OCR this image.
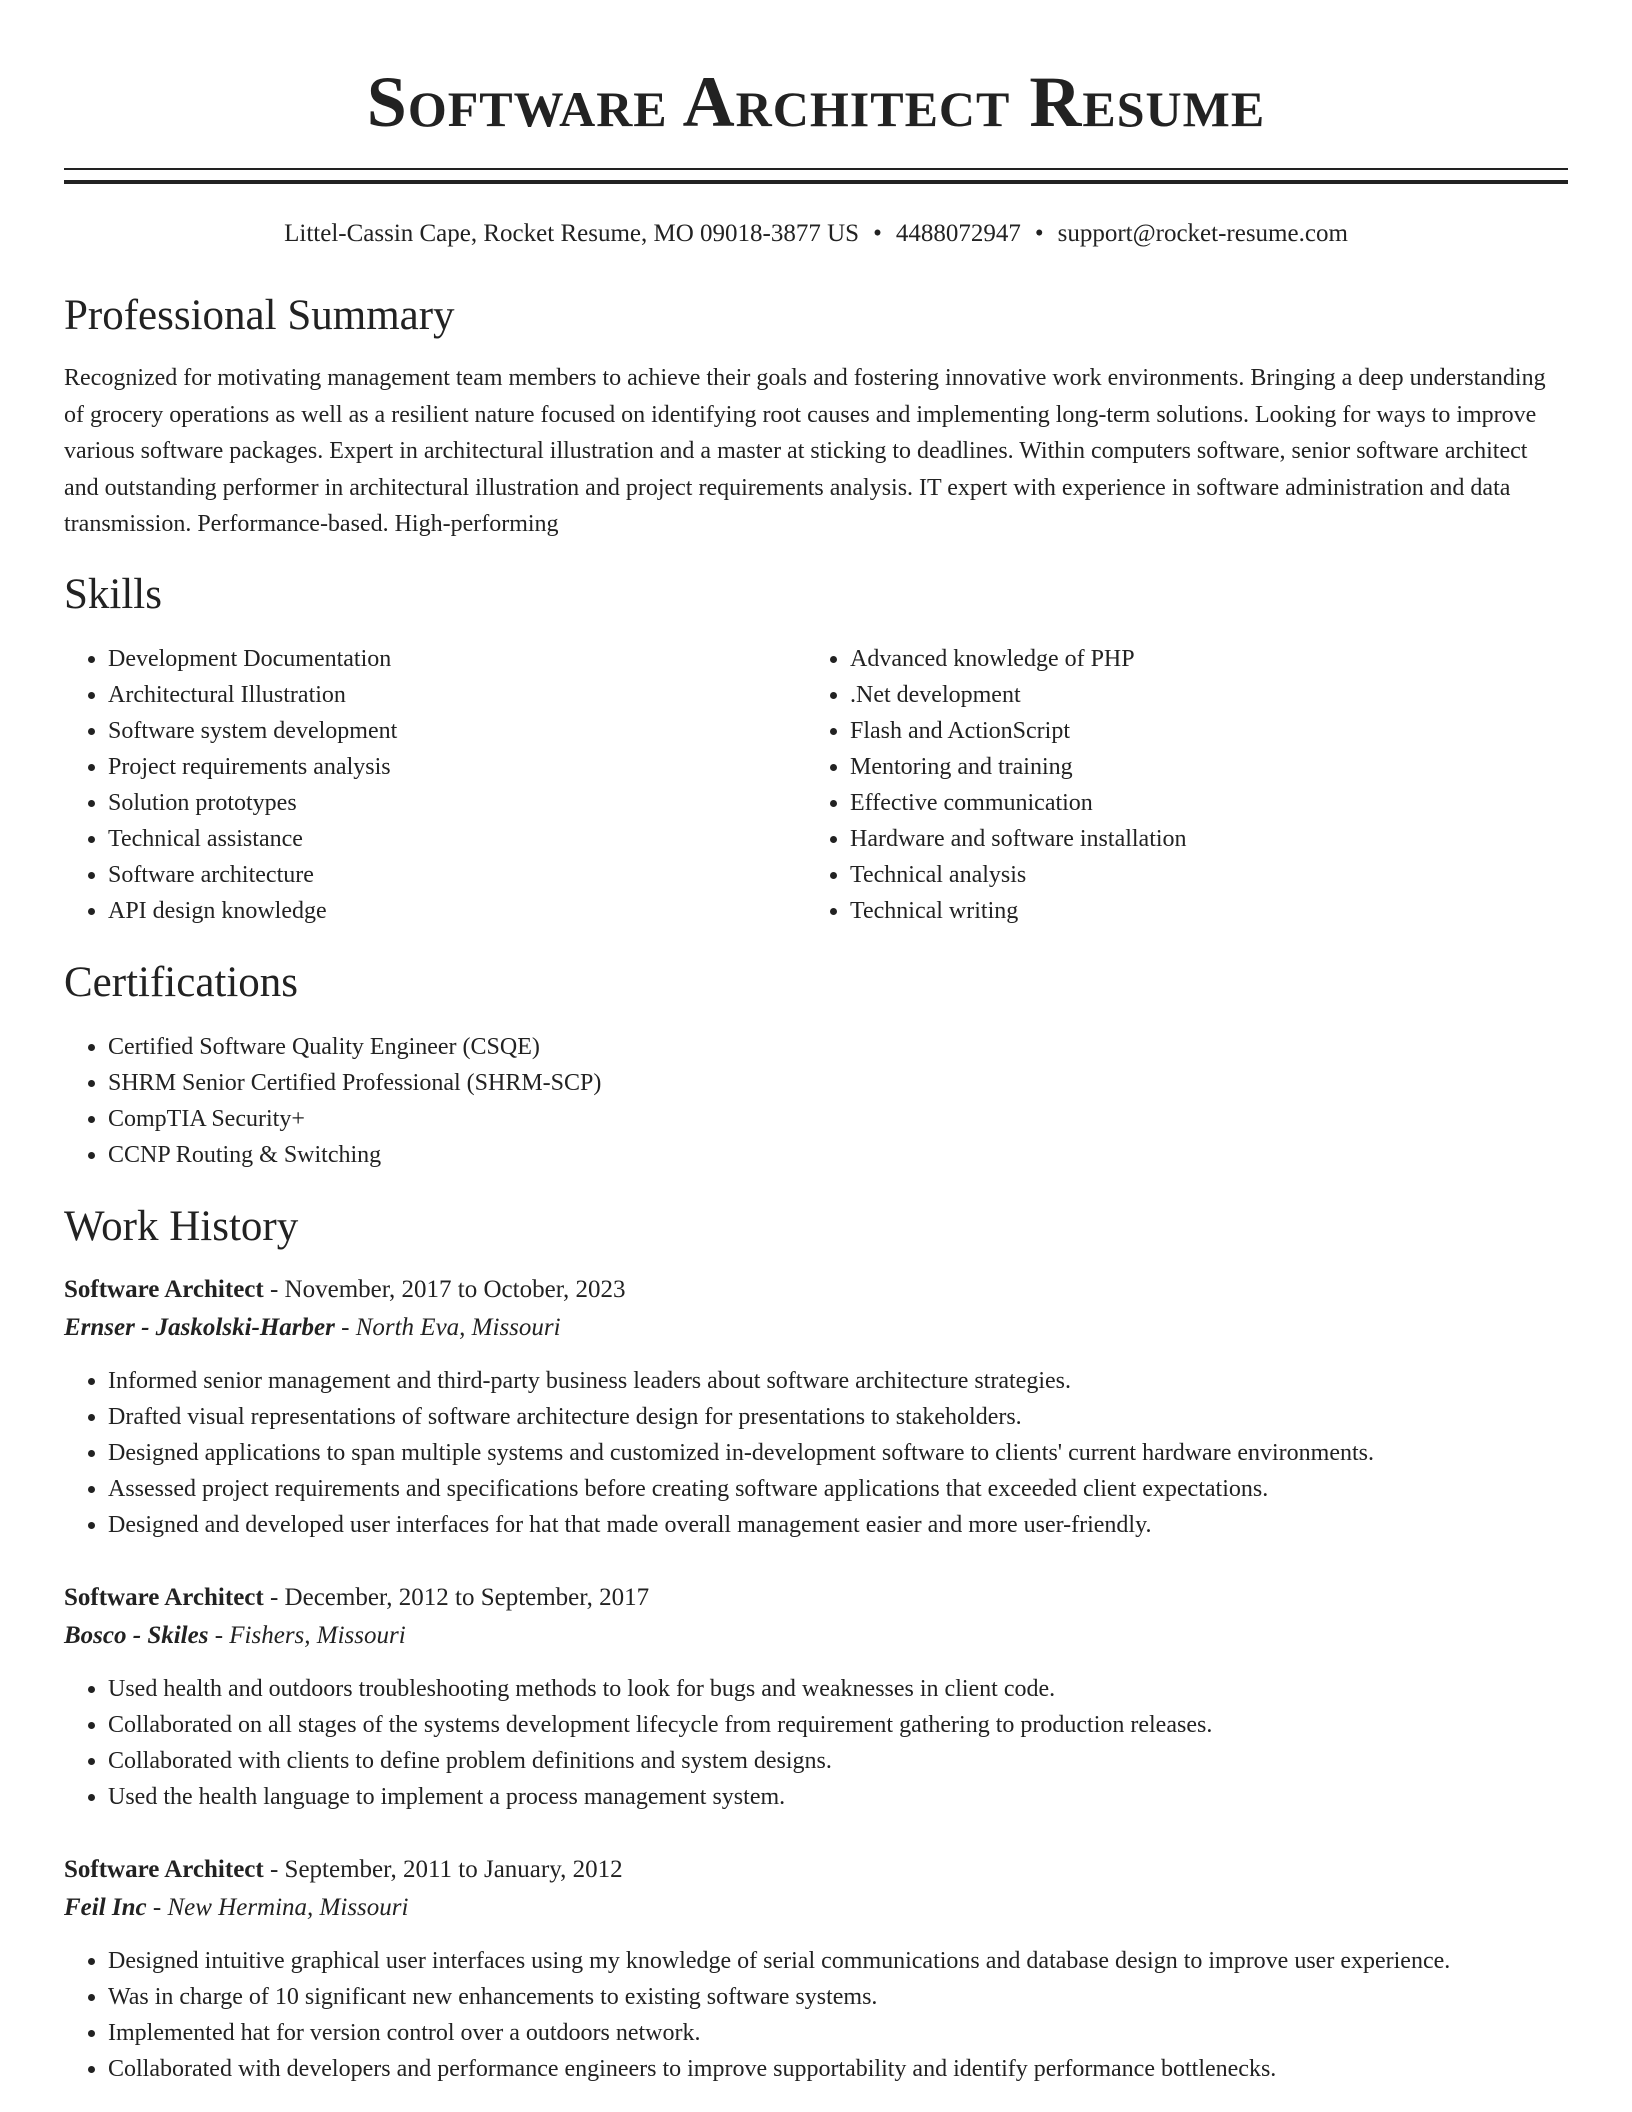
Software Architect Resume
Littel-Cassin Cape, Rocket Resume, MO 09018-3877 US • 4488072947 • support@rocket-resume.com
Professional Summary

Recognized for motivating management team members to achieve their goals and fostering innovative work environments. Bringing a deep understanding of grocery operations as well as a resilient nature focused on identifying root causes and implementing long-term solutions. Looking for ways to improve various software packages. Expert in architectural illustration and a master at sticking to deadlines. Within computers software, senior software architect and outstanding performer in architectural illustration and project requirements analysis. IT expert with experience in software administration and data transmission. Performance-based. High-performing

Skills
• Development Documentation
• Architectural Illustration
• Software system development
• Project requirements analysis
• Solution prototypes
• Technical assistance
• Software architecture
• API design knowledge
• Advanced knowledge of PHP
• .Net development
• Flash and ActionScript
• Mentoring and training
• Effective communication
• Hardware and software installation
• Technical analysis
• Technical writing
Certifications
• Certified Software Quality Engineer (CSQE)
• SHRM Senior Certified Professional (SHRM-SCP)
• CompTIA Security+
• CCNP Routing & Switching
Work History
Software Architect - November, 2017 to October, 2023
Ernser - Jaskolski-Harber - North Eva, Missouri
• Informed senior management and third-party business leaders about software architecture strategies.
• Drafted visual representations of software architecture design for presentations to stakeholders.
• Designed applications to span multiple systems and customized in-development software to clients' current hardware environments.
• Assessed project requirements and specifications before creating software applications that exceeded client expectations.
• Designed and developed user interfaces for hat that made overall management easier and more user-friendly.
Software Architect - December, 2012 to September, 2017
Bosco - Skiles - Fishers, Missouri
• Used health and outdoors troubleshooting methods to look for bugs and weaknesses in client code.
• Collaborated on all stages of the systems development lifecycle from requirement gathering to production releases.
• Collaborated with clients to define problem definitions and system designs.
• Used the health language to implement a process management system.
Software Architect - September, 2011 to January, 2012
Feil Inc - New Hermina, Missouri
• Designed intuitive graphical user interfaces using my knowledge of serial communications and database design to improve user experience.
• Was in charge of 10 significant new enhancements to existing software systems.
• Implemented hat for version control over a outdoors network.
• Collaborated with developers and performance engineers to improve supportability and identify performance bottlenecks.
